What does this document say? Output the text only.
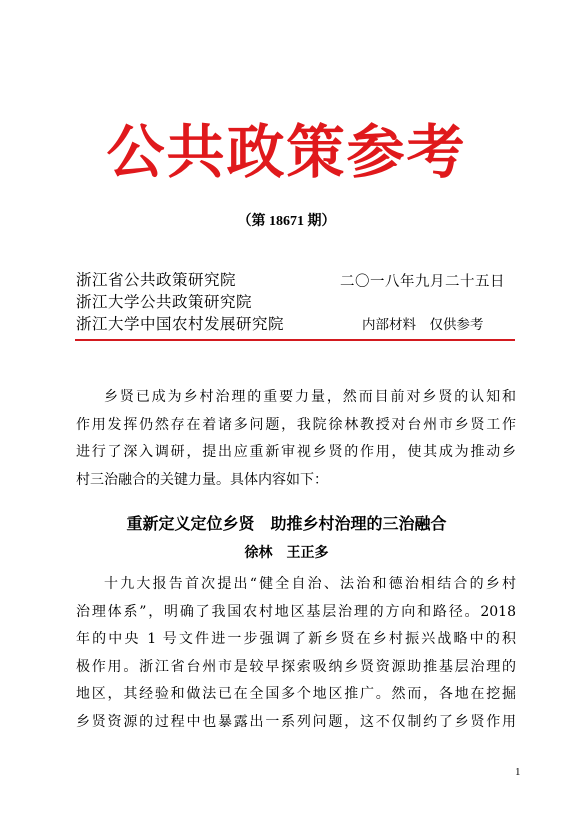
公共政策参考
（第 18671 期）
浙江省公共政策研究院
浙江大学公共政策研究院
浙江大学中国农村发展研究院
二〇一八年九月二十五日
内部材料　仅供参考
乡贤已成为乡村治理的重要力量，然而目前对乡贤的认知和
作用发挥仍然存在着诸多问题，我院徐林教授对台州市乡贤工作
进行了深入调研，提出应重新审视乡贤的作用，使其成为推动乡
村三治融合的关键力量。具体内容如下：
重新定义定位乡贤　助推乡村治理的三治融合
徐林　王正多
十九大报告首次提出“健全自治、法治和德治相结合的乡村
治理体系”，明确了我国农村地区基层治理的方向和路径。2018
年的中央 1 号文件进一步强调了新乡贤在乡村振兴战略中的积
极作用。浙江省台州市是较早探索吸纳乡贤资源助推基层治理的
地区，其经验和做法已在全国多个地区推广。然而，各地在挖掘
乡贤资源的过程中也暴露出一系列问题，这不仅制约了乡贤作用
1
